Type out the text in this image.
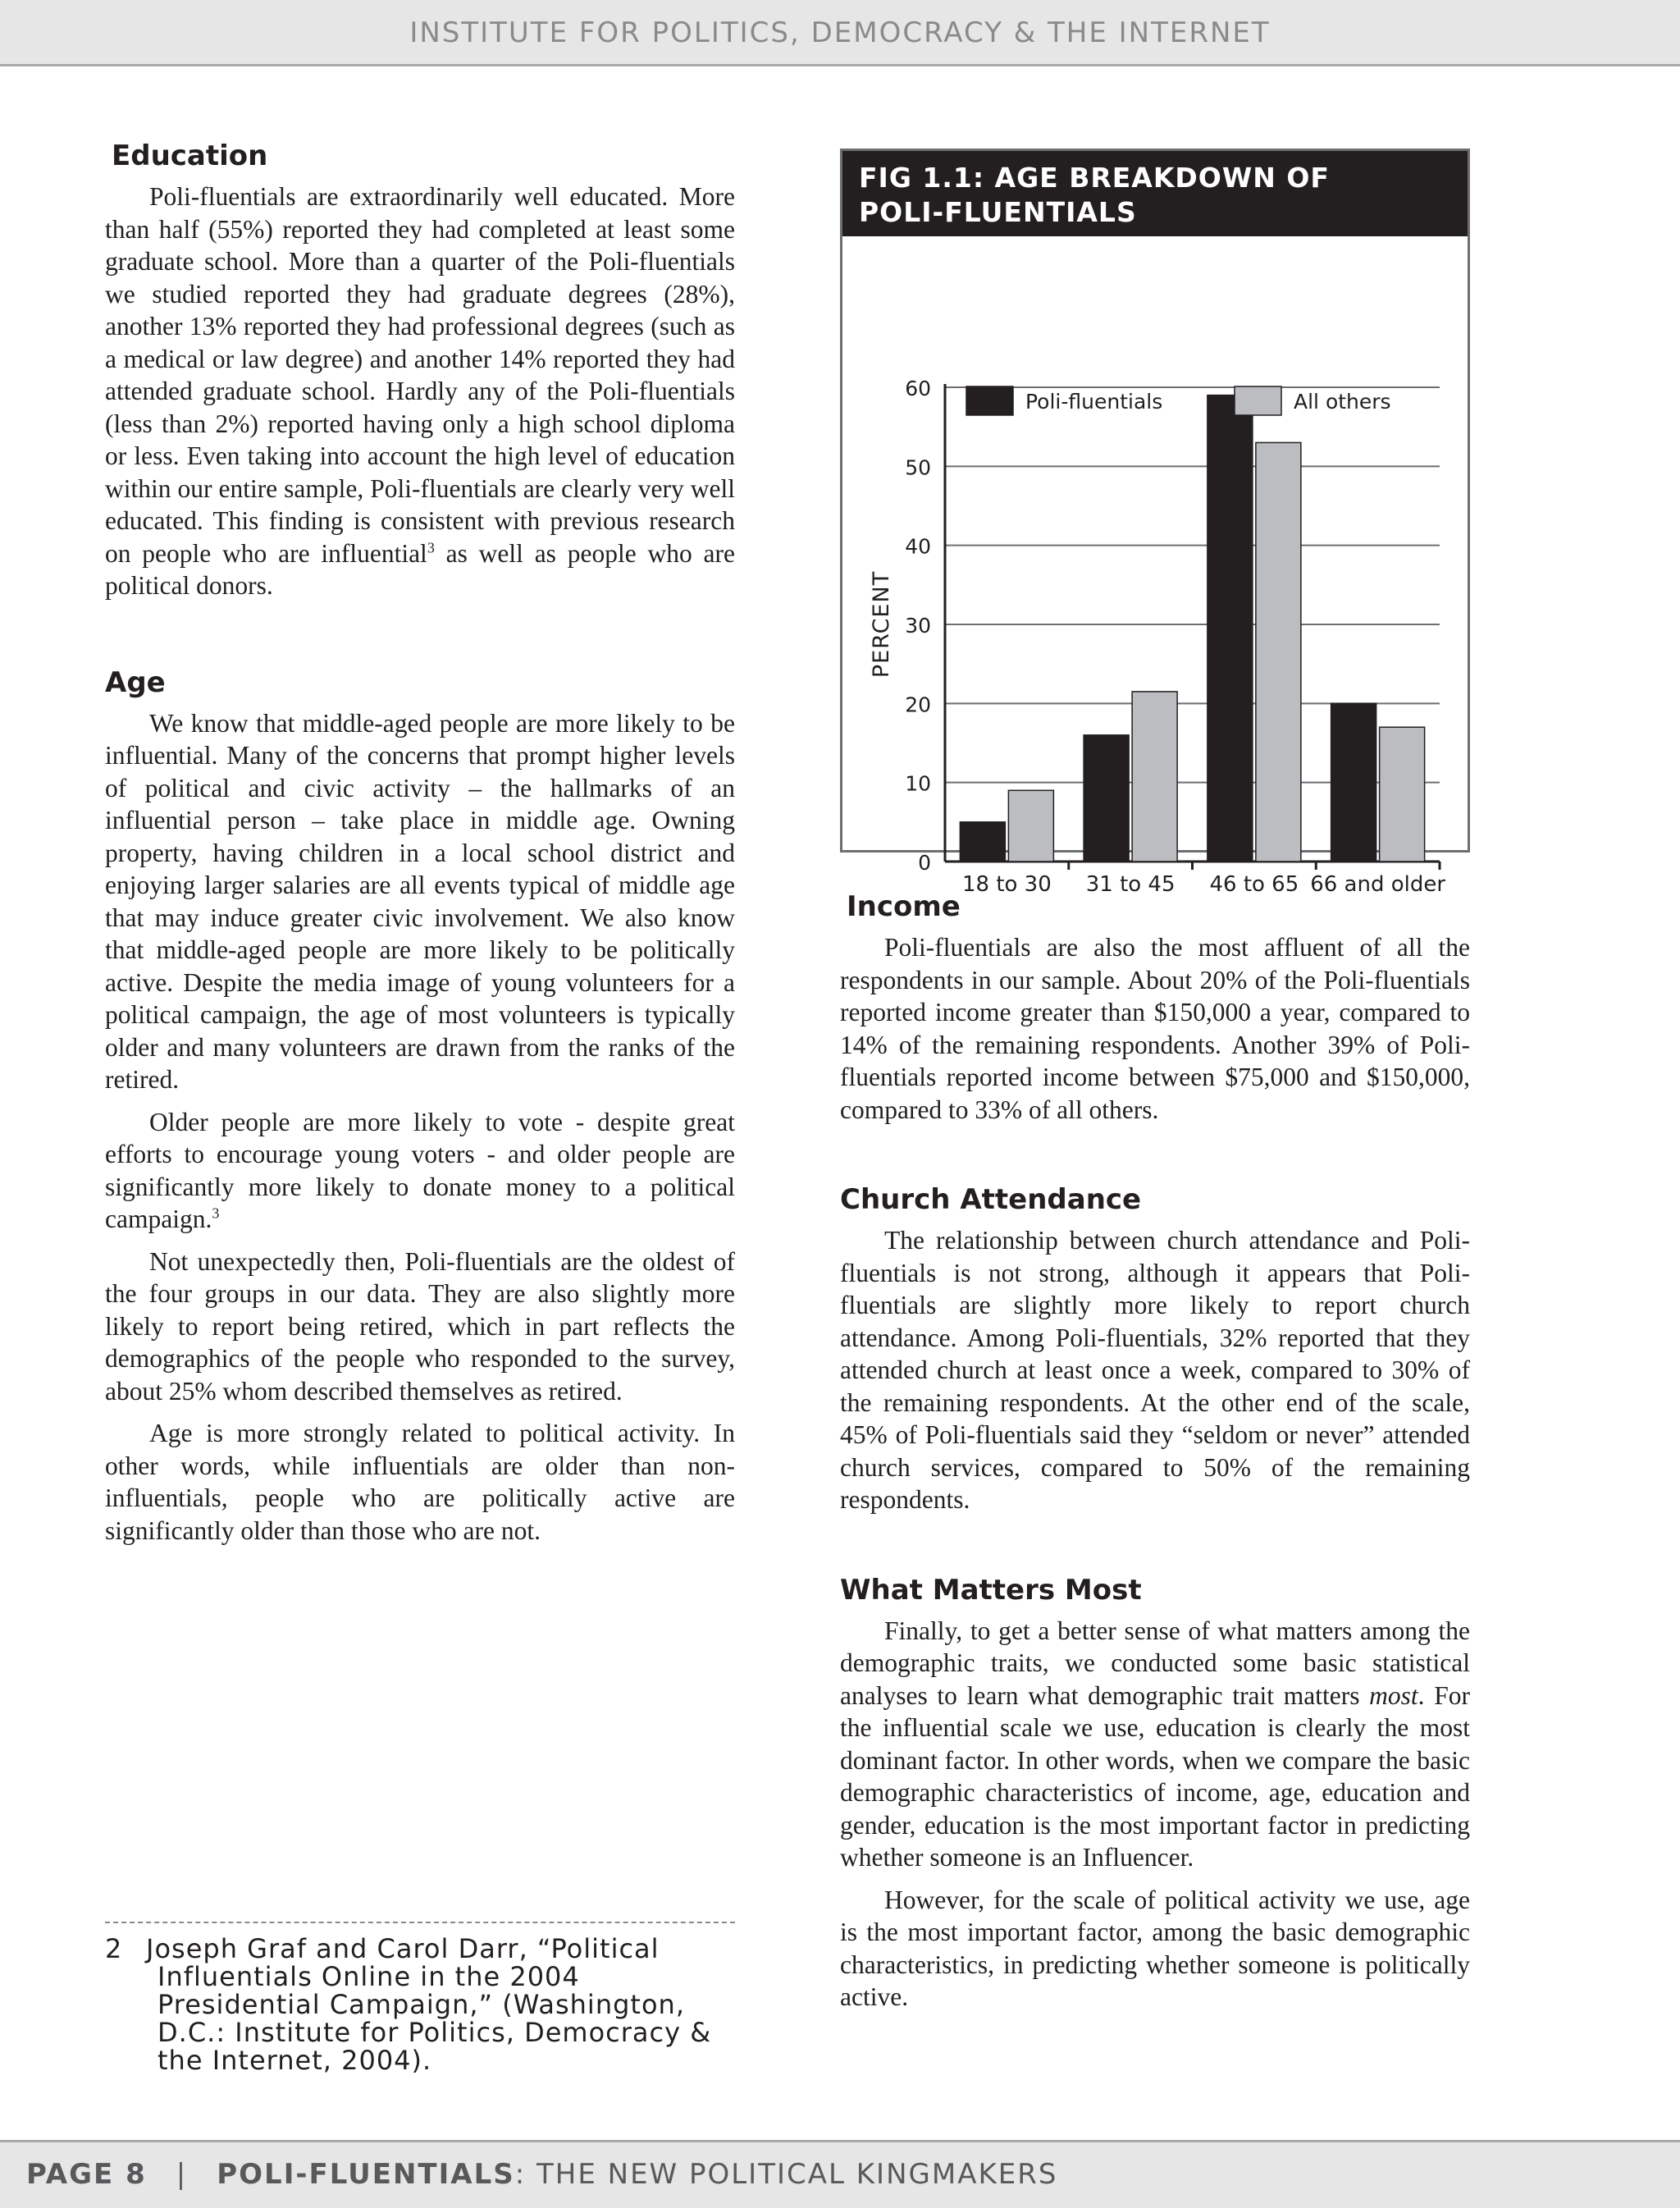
INSTITUTE FOR POLITICS, DEMOCRACY & THE INTERNET
Education

Poli-fluentials are extraordinarily well educated. More than half (55%) reported they had completed at least some graduate school. More than a quarter of the Poli-fluentials we studied reported they had graduate degrees (28%), another 13% reported they had professional degrees (such as a medical or law degree) and another 14% reported they had attended graduate school. Hardly any of the Poli-fluentials (less than 2%) reported having only a high school diploma or less. Even taking into account the high level of education within our entire sample, Poli-fluentials are clearly very well educated. This finding is consistent with previous research on people who are influential$^3$ as well as people who are political donors.

Age

We know that middle-aged people are more likely to be influential. Many of the concerns that prompt higher levels of political and civic activity – the hallmarks of an influential person – take place in middle age. Owning property, having children in a local school district and enjoying larger salaries are all events typical of middle age that may induce greater civic involvement. We also know that middle-aged people are more likely to be politically active. Despite the media image of young volunteers for a political campaign, the age of most volunteers is typically older and many volunteers are drawn from the ranks of the retired.

Older people are more likely to vote - despite great efforts to encourage young voters - and older people are significantly more likely to donate money to a political campaign.$^3$

Not unexpectedly then, Poli-fluentials are the oldest of the four groups in our data. They are also slightly more likely to report being retired, which in part reflects the demographics of the people who responded to the survey, about 25% whom described themselves as retired.

Age is more strongly related to political activity. In other words, while influentials are older than non-influentials, people who are politically active are significantly older than those who are not.

2 Joseph Graf and Carol Darr, “Political Influentials Online in the 2004 Presidential Campaign,” (Washington, D.C.: Institute for Politics, Democracy & the Internet, 2004).
FIG 1.1: AGE BREAKDOWN OF
POLI-FLUENTIALS
0
10
20
30
40
50
60
PERCENT
18 to 30 31 to 45 46 to 65 66 and older
Poli-fluentials	All others
Income

Poli-fluentials are also the most affluent of all the respondents in our sample. About 20% of the Poli-fluentials reported income greater than $150,000 a year, compared to 14% of the remaining respondents. Another 39% of Poli-fluentials reported income between $75,000 and $150,000, compared to 33% of all others.

Church Attendance

The relationship between church attendance and Poli-fluentials is not strong, although it appears that Poli-fluentials are slightly more likely to report church attendance. Among Poli-fluentials, 32% reported that they attended church at least once a week, compared to 30% of the remaining respondents. At the other end of the scale, 45% of Poli-fluentials said they “seldom or never” attended church services, compared to 50% of the remaining respondents.

What Matters Most

Finally, to get a better sense of what matters among the demographic traits, we conducted some basic statistical analyses to learn what demographic trait matters most. For the influential scale we use, education is clearly the most dominant factor. In other words, when we compare the basic demographic characteristics of income, age, education and gender, education is the most important factor in predicting whether someone is an Influencer.

However, for the scale of political activity we use, age is the most important factor, among the basic demographic characteristics, in predicting whether someone is politically active.

PAGE 8 | POLI-FLUENTIALS: THE NEW POLITICAL KINGMAKERS
